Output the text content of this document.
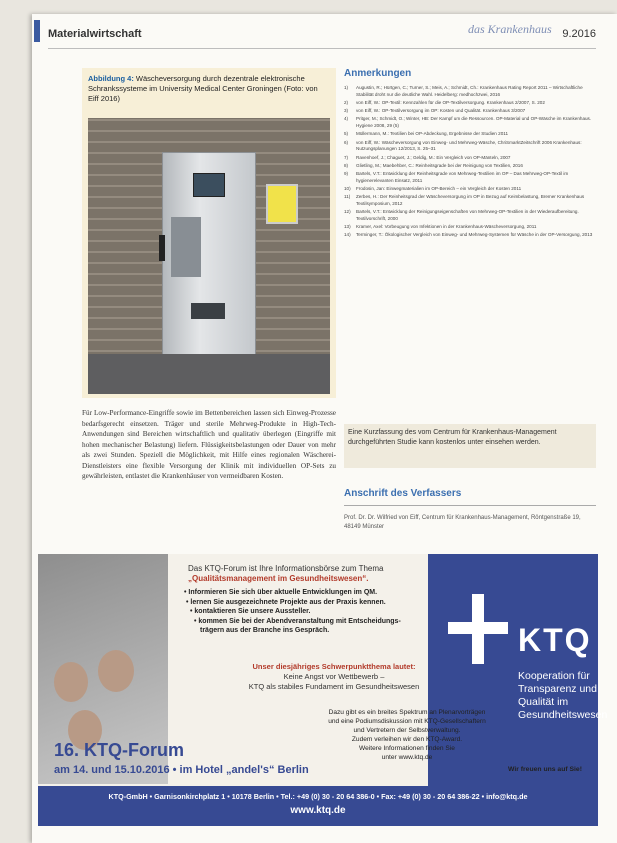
Materialwirtschaft	das Krankenhaus 9.2016
Abbildung 4: Wäscheversorgung durch dezentrale elektronische Schrankssysteme im University Medical Center Groningen (Foto: von Eiff 2016)
Für Low-Performance-Eingriffe sowie im Bettenbereichen lassen sich Einweg-Prozesse bedarfsgerecht einsetzen. Träger und sterile Mehrweg-Produkte in High-Tech-Anwendungen sind Bereichen wirtschaftlich und qualitativ überlegen (Eingriffe mit hohen mechanischer Belastung) liefern. Flüssigkeitsbelastungen oder Dauer von mehr als zwei Stunden. Speziell die Möglichkeit, mit Hilfe eines regionalen Wäscherei-Dienstleisters eine flexible Versorgung der Klinik mit individuellen OP-Sets zu gewährleisten, entlastet die Krankenhäuser von vermeidbaren Kosten.
Anmerkungen
1)	Augustin, R.; Hürtgen, C.; Turner, S.; Meis, A.; Schmidt, Ch.: Krankenhaus Rating Report 2011 – Wirtschaftliche Stabilität droht nur die deutliche Wahl. Heidelberg: medhochzwei, 2016
2)	von Eiff, W.: OP-Textil: Kennzahlen für die OP-Textilversorgung. Krankenhaus 2/2007, S. 202
3)	von Eiff, W.: OP-Textilversorgung im OP: Kosten und Qualität. Krankenhaus 3/2007
4)	Pritger, M.; Schmidt, O.; Winter, HB: Der Kampf um die Ressourcen. OP-Material und OP-Wäsche im Krankenhaus. Hygiene 2008, 29 (5)
5)	Müllermann, M.: Textilien bei OP-Abdeckung, Ergebnisse der Studien 2011
6)	von Eiff, W.: Wäscheversorgung von Einweg- und Mehrweg-Wäsche, ChriSmarktZeitschrift 2006 Krankenhaus: Nutzungsplanungen 12/2013, S. 25–31
7)	Ravenhoef, J.; Chaguet, J.; Geldig, M.: Ein Vergleich von OP-Mänteln, 2007
8)	Glietling, M.; Maebehber, C.: Reinheitsgrade bei der Reinigung von Textilien, 2016
9)	Bartels, V.T.: Entwicklung der Reinheitsgrade von Mehrweg-Textilien im OP – Das Mehrweg-OP-Textil im hygienerelevanten Einsatz, 2011
10)	Frodosin, Jan: Einwegmaterialien im OP-Bereich – ein Vergleich der Kosten 2011
11)	Zerbes, H.: Der Reinheitsgrad der Wäscheversorgung im OP in Bezug auf Keimbelastung, Bremer Krankenhaus Textilsymposium, 2012
12)	Bartels, V.T.: Entwicklung der Reinigungseigenschaften von Mehrweg-OP-Textilien in der Wiederaufbereitung. Textilvorschrift, 2000
13)	Kramer, Axel: Vorbeugung von Infektionen in der Krankenhaus-Wäscheversorgung, 2011
14)	Terminger, T.: Ökologischer Vergleich von Einweg- und Mehrweg-Systemen für Wäsche in der OP-Versorgung, 2013
Eine Kurzfassung des vom Centrum für Krankenhaus-Management durchgeführten Studie kann kostenlos unter einsehen werden.
Anschrift des Verfassers
Prof. Dr. Dr. Wilfried von Eiff, Centrum für Krankenhaus-Management, Röntgenstraße 19, 48149 Münster
KTQ
Kooperation für Transparenz und Qualität im Gesundheitswesen
Das KTQ-Forum ist Ihre Informationsbörse zum Thema
„Qualitätsmanagement im Gesundheitswesen“.
• Informieren Sie sich über aktuelle Entwicklungen im QM.
• lernen Sie ausgezeichnete Projekte aus der Praxis kennen.
• kontaktieren Sie unsere Aussteller.
• kommen Sie bei der Abendveranstaltung mit Entscheidungs-
trägern aus der Branche ins Gespräch.
Unser diesjähriges Schwerpunktthema lautet:
Keine Angst vor Wettbewerb –
KTQ als stabiles Fundament im Gesundheitswesen
Dazu gibt es ein breites Spektrum an Plenarvorträgen
und eine Podiumsdiskussion mit KTQ-Gesellschaftern
und Vertretern der Selbstverwaltung.
Zudem verleihen wir den KTQ-Award.
Weitere Informationen finden Sie
unter www.ktq.de
Wir freuen uns auf Sie!
16. KTQ-Forum
am 14. und 15.10.2016 • im Hotel „andel's“ Berlin
KTQ-GmbH • Garnisonkirchplatz 1 • 10178 Berlin • Tel.: +49 (0) 30 - 20 64 386-0 • Fax: +49 (0) 30 - 20 64 386-22 • info@ktq.de
www.ktq.de
